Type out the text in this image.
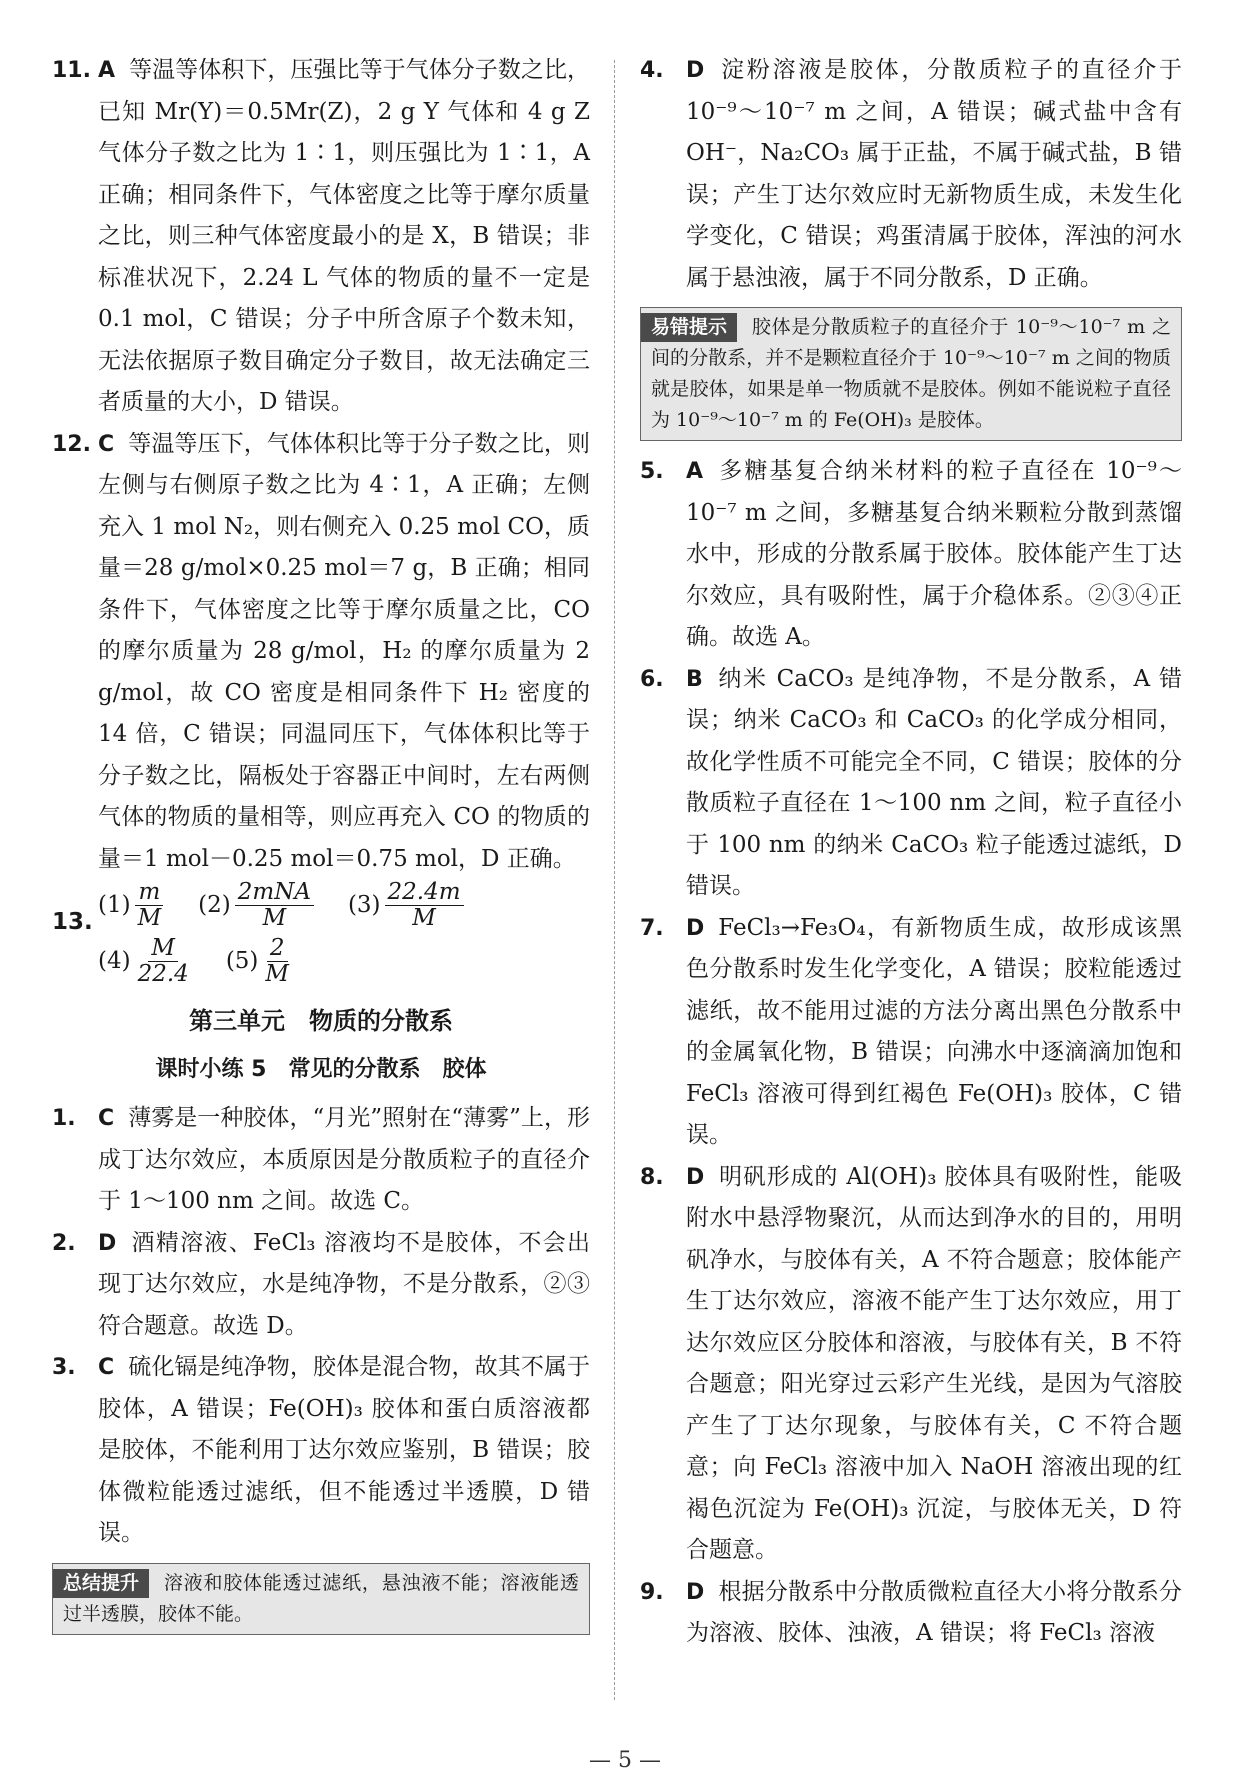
11. A 等温等体积下，压强比等于气体分子数之比，已知 Mr(Y)＝0.5Mr(Z)，2 g Y 气体和 4 g Z 气体分子数之比为 1∶1，则压强比为 1∶1，A 正确；相同条件下，气体密度之比等于摩尔质量之比，则三种气体密度最小的是 X，B 错误；非标准状况下，2.24 L 气体的物质的量不一定是 0.1 mol，C 错误；分子中所含原子个数未知，无法依据原子数目确定分子数目，故无法确定三者质量的大小，D 错误。
12. C 等温等压下，气体体积比等于分子数之比，则左侧与右侧原子数之比为 4∶1，A 正确；左侧充入 1 mol N₂，则右侧充入 0.25 mol CO，质量＝28 g/mol×0.25 mol＝7 g，B 正确；相同条件下，气体密度之比等于摩尔质量之比，CO 的摩尔质量为 28 g/mol，H₂ 的摩尔质量为 2 g/mol，故 CO 密度是相同条件下 H₂ 密度的 14 倍，C 错误；同温同压下，气体体积比等于分子数之比，隔板处于容器正中间时，左右两侧气体的物质的量相等，则应再充入 CO 的物质的量＝1 mol－0.25 mol＝0.75 mol，D 正确。
13.
$(1) \frac{m}{M} (2) \frac{\text{2mNA}}{M} (3) \frac{22.4m}{M}$
$(4) \frac{M}{22.4} (5) \frac{2}{M}$
第三单元　物质的分散系
课时小练 5　常见的分散系　胶体
1. C 薄雾是一种胶体，“月光”照射在“薄雾”上，形成丁达尔效应，本质原因是分散质粒子的直径介于 1～100 nm 之间。故选 C。
2. D 酒精溶液、FeCl₃ 溶液均不是胶体，不会出现丁达尔效应，水是纯净物，不是分散系，②③符合题意。故选 D。
3. C 硫化镉是纯净物，胶体是混合物，故其不属于胶体，A 错误；Fe(OH)₃ 胶体和蛋白质溶液都是胶体，不能利用丁达尔效应鉴别，B 错误；胶体微粒能透过滤纸，但不能透过半透膜，D 错误。
总结提升 溶液和胶体能透过滤纸，悬浊液不能；溶液能透过半透膜，胶体不能。
4. D 淀粉溶液是胶体，分散质粒子的直径介于 10⁻⁹～10⁻⁷ m 之间，A 错误；碱式盐中含有 OH⁻，Na₂CO₃ 属于正盐，不属于碱式盐，B 错误；产生丁达尔效应时无新物质生成，未发生化学变化，C 错误；鸡蛋清属于胶体，浑浊的河水属于悬浊液，属于不同分散系，D 正确。
易错提示 胶体是分散质粒子的直径介于 10⁻⁹～10⁻⁷ m 之间的分散系，并不是颗粒直径介于 10⁻⁹～10⁻⁷ m 之间的物质就是胶体，如果是单一物质就不是胶体。例如不能说粒子直径为 10⁻⁹～10⁻⁷ m 的 Fe(OH)₃ 是胶体。
5. A 多糖基复合纳米材料的粒子直径在 10⁻⁹～10⁻⁷ m 之间，多糖基复合纳米颗粒分散到蒸馏水中，形成的分散系属于胶体。胶体能产生丁达尔效应，具有吸附性，属于介稳体系。②③④正确。故选 A。
6. B 纳米 CaCO₃ 是纯净物，不是分散系，A 错误；纳米 CaCO₃ 和 CaCO₃ 的化学成分相同，故化学性质不可能完全不同，C 错误；胶体的分散质粒子直径在 1～100 nm 之间，粒子直径小于 100 nm 的纳米 CaCO₃ 粒子能透过滤纸，D 错误。
7. D FeCl₃→Fe₃O₄，有新物质生成，故形成该黑色分散系时发生化学变化，A 错误；胶粒能透过滤纸，故不能用过滤的方法分离出黑色分散系中的金属氧化物，B 错误；向沸水中逐滴滴加饱和 FeCl₃ 溶液可得到红褐色 Fe(OH)₃ 胶体，C 错误。
8. D 明矾形成的 Al(OH)₃ 胶体具有吸附性，能吸附水中悬浮物聚沉，从而达到净水的目的，用明矾净水，与胶体有关，A 不符合题意；胶体能产生丁达尔效应，溶液不能产生丁达尔效应，用丁达尔效应区分胶体和溶液，与胶体有关，B 不符合题意；阳光穿过云彩产生光线，是因为气溶胶产生了丁达尔现象，与胶体有关，C 不符合题意；向 FeCl₃ 溶液中加入 NaOH 溶液出现的红褐色沉淀为 Fe(OH)₃ 沉淀，与胶体无关，D 符合题意。
9. D 根据分散系中分散质微粒直径大小将分散系分为溶液、胶体、浊液，A 错误；将 FeCl₃ 溶液
— 5 —
